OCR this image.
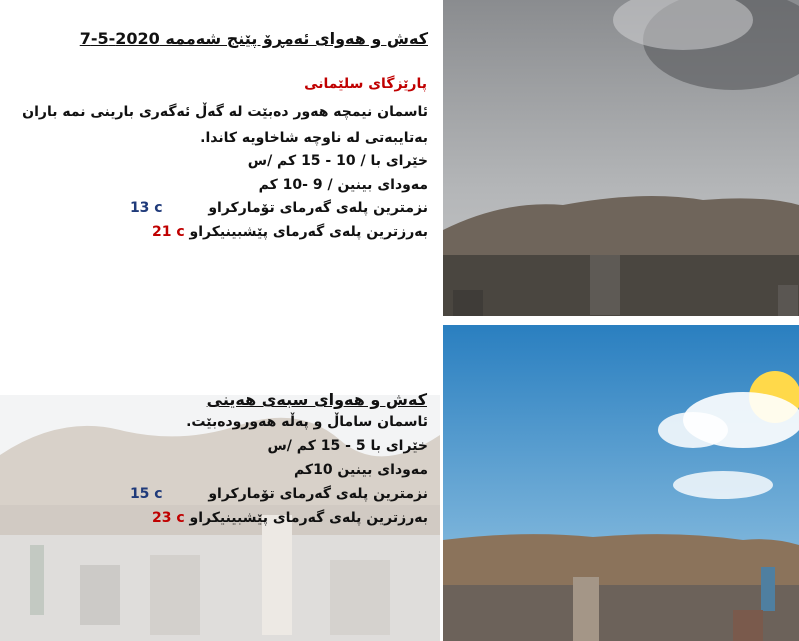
کەش و هەوای ئەمڕۆ پێنج شەممە 2020-5-7
پارێزگای سلێمانی
ئاسمان نیمچە هەور دەبێت لە گەڵ ئەگەری بارینی نمە باران
بەتایبەتی لە ناوچە شاخاویە کاندا.
خێرای با / 10 - 15 کم /س
مەودای بینین / 9 -10 کم
نزمترین پلەی گەرمای تۆمارکراو  13 c
بەرزترین پلەی گەرمای پێشبینیکراو 21 c
کەش و هەوای سبەی هەینی
ئاسمان ساماڵ و پەڵە هەورودەبێت.
خێرای با 5 - 15 کم /س
مەودای بینین 10کم
نزمترین پلەی گەرمای تۆمارکراو  15 c
بەرزترین پلەی گەرمای پێشبینیکراو 23 c
